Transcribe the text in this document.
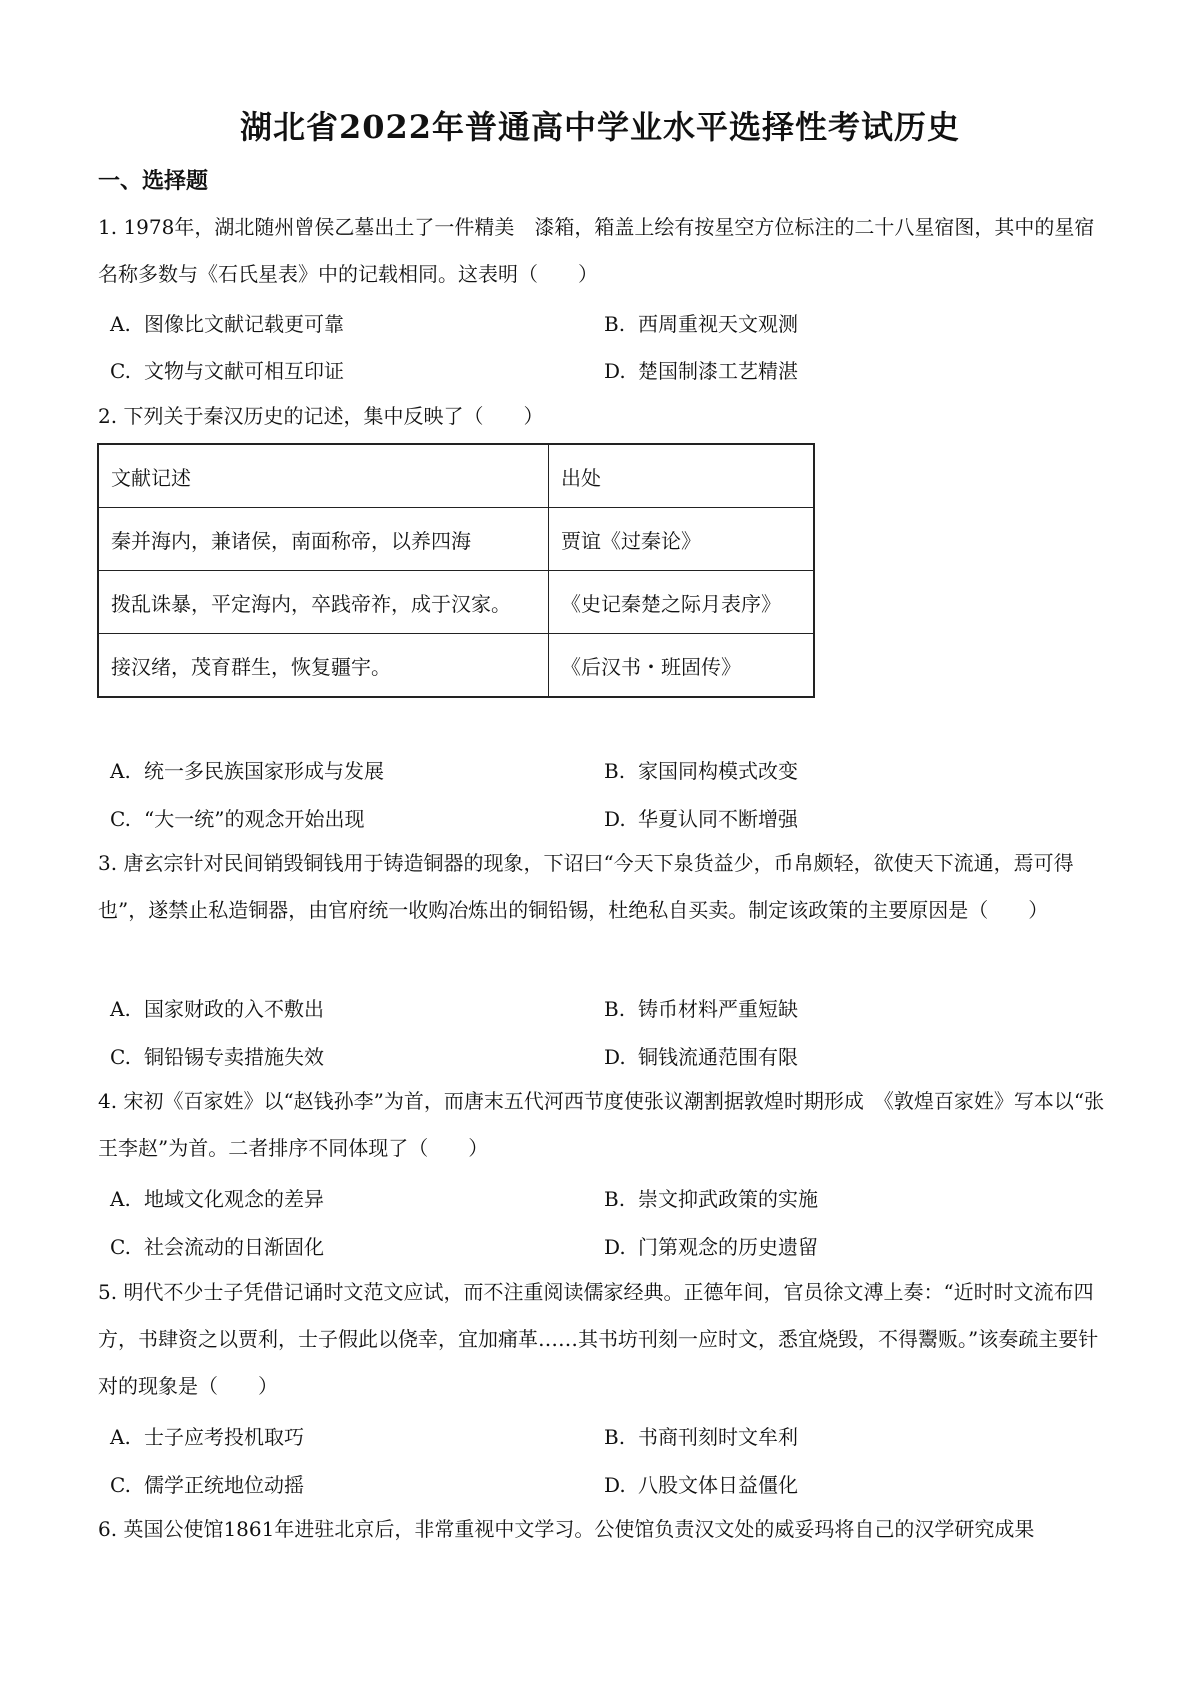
湖北省2022年普通高中学业水平选择性考试历史
一、选择题

1. 1978年，湖北随州曾侯乙墓出土了一件精美　漆箱，箱盖上绘有按星空方位标注的二十八星宿图，其中的星宿名称多数与《石氏星表》中的记载相同。这表明（　　）

A. 图像比文献记载更可靠	B. 西周重视天文观测
C. 文物与文献可相互印证	D. 楚国制漆工艺精湛

2. 下列关于秦汉历史的记述，集中反映了（　　）

文献记述	出处
秦并海内，兼诸侯，南面称帝，以养四海	贾谊《过秦论》
拨乱诛暴，平定海内，卒践帝祚，成于汉家。	《史记秦楚之际月表序》
接汉绪，茂育群生，恢复疆宇。	《后汉书・班固传》
A. 统一多民族国家形成与发展	B. 家国同构模式改变
C. “大一统”的观念开始出现	D. 华夏认同不断增强

3. 唐玄宗针对民间销毁铜钱用于铸造铜器的现象，下诏曰“今天下泉货益少，币帛颇轻，欲使天下流通，焉可得也”，遂禁止私造铜器，由官府统一收购冶炼出的铜铅锡，杜绝私自买卖。制定该政策的主要原因是（　　）

A. 国家财政的入不敷出	B. 铸币材料严重短缺
C. 铜铅锡专卖措施失效	D. 铜钱流通范围有限

4. 宋初《百家姓》以“赵钱孙李”为首，而唐末五代河西节度使张议潮割据敦煌时期形成　《敦煌百家姓》写本以“张王李赵”为首。二者排序不同体现了（　　）

A. 地域文化观念的差异	B. 崇文抑武政策的实施
C. 社会流动的日渐固化	D. 门第观念的历史遗留

5. 明代不少士子凭借记诵时文范文应试，而不注重阅读儒家经典。正德年间，官员徐文溥上奏：“近时时文流布四方，书肆资之以贾利，士子假此以侥幸，宜加痛革……其书坊刊刻一应时文，悉宜烧毁，不得鬻贩。”该奏疏主要针对的现象是（　　）

A. 士子应考投机取巧	B. 书商刊刻时文牟利
C. 儒学正统地位动摇	D. 八股文体日益僵化

6. 英国公使馆1861年进驻北京后，非常重视中文学习。公使馆负责汉文处的威妥玛将自己的汉学研究成果
